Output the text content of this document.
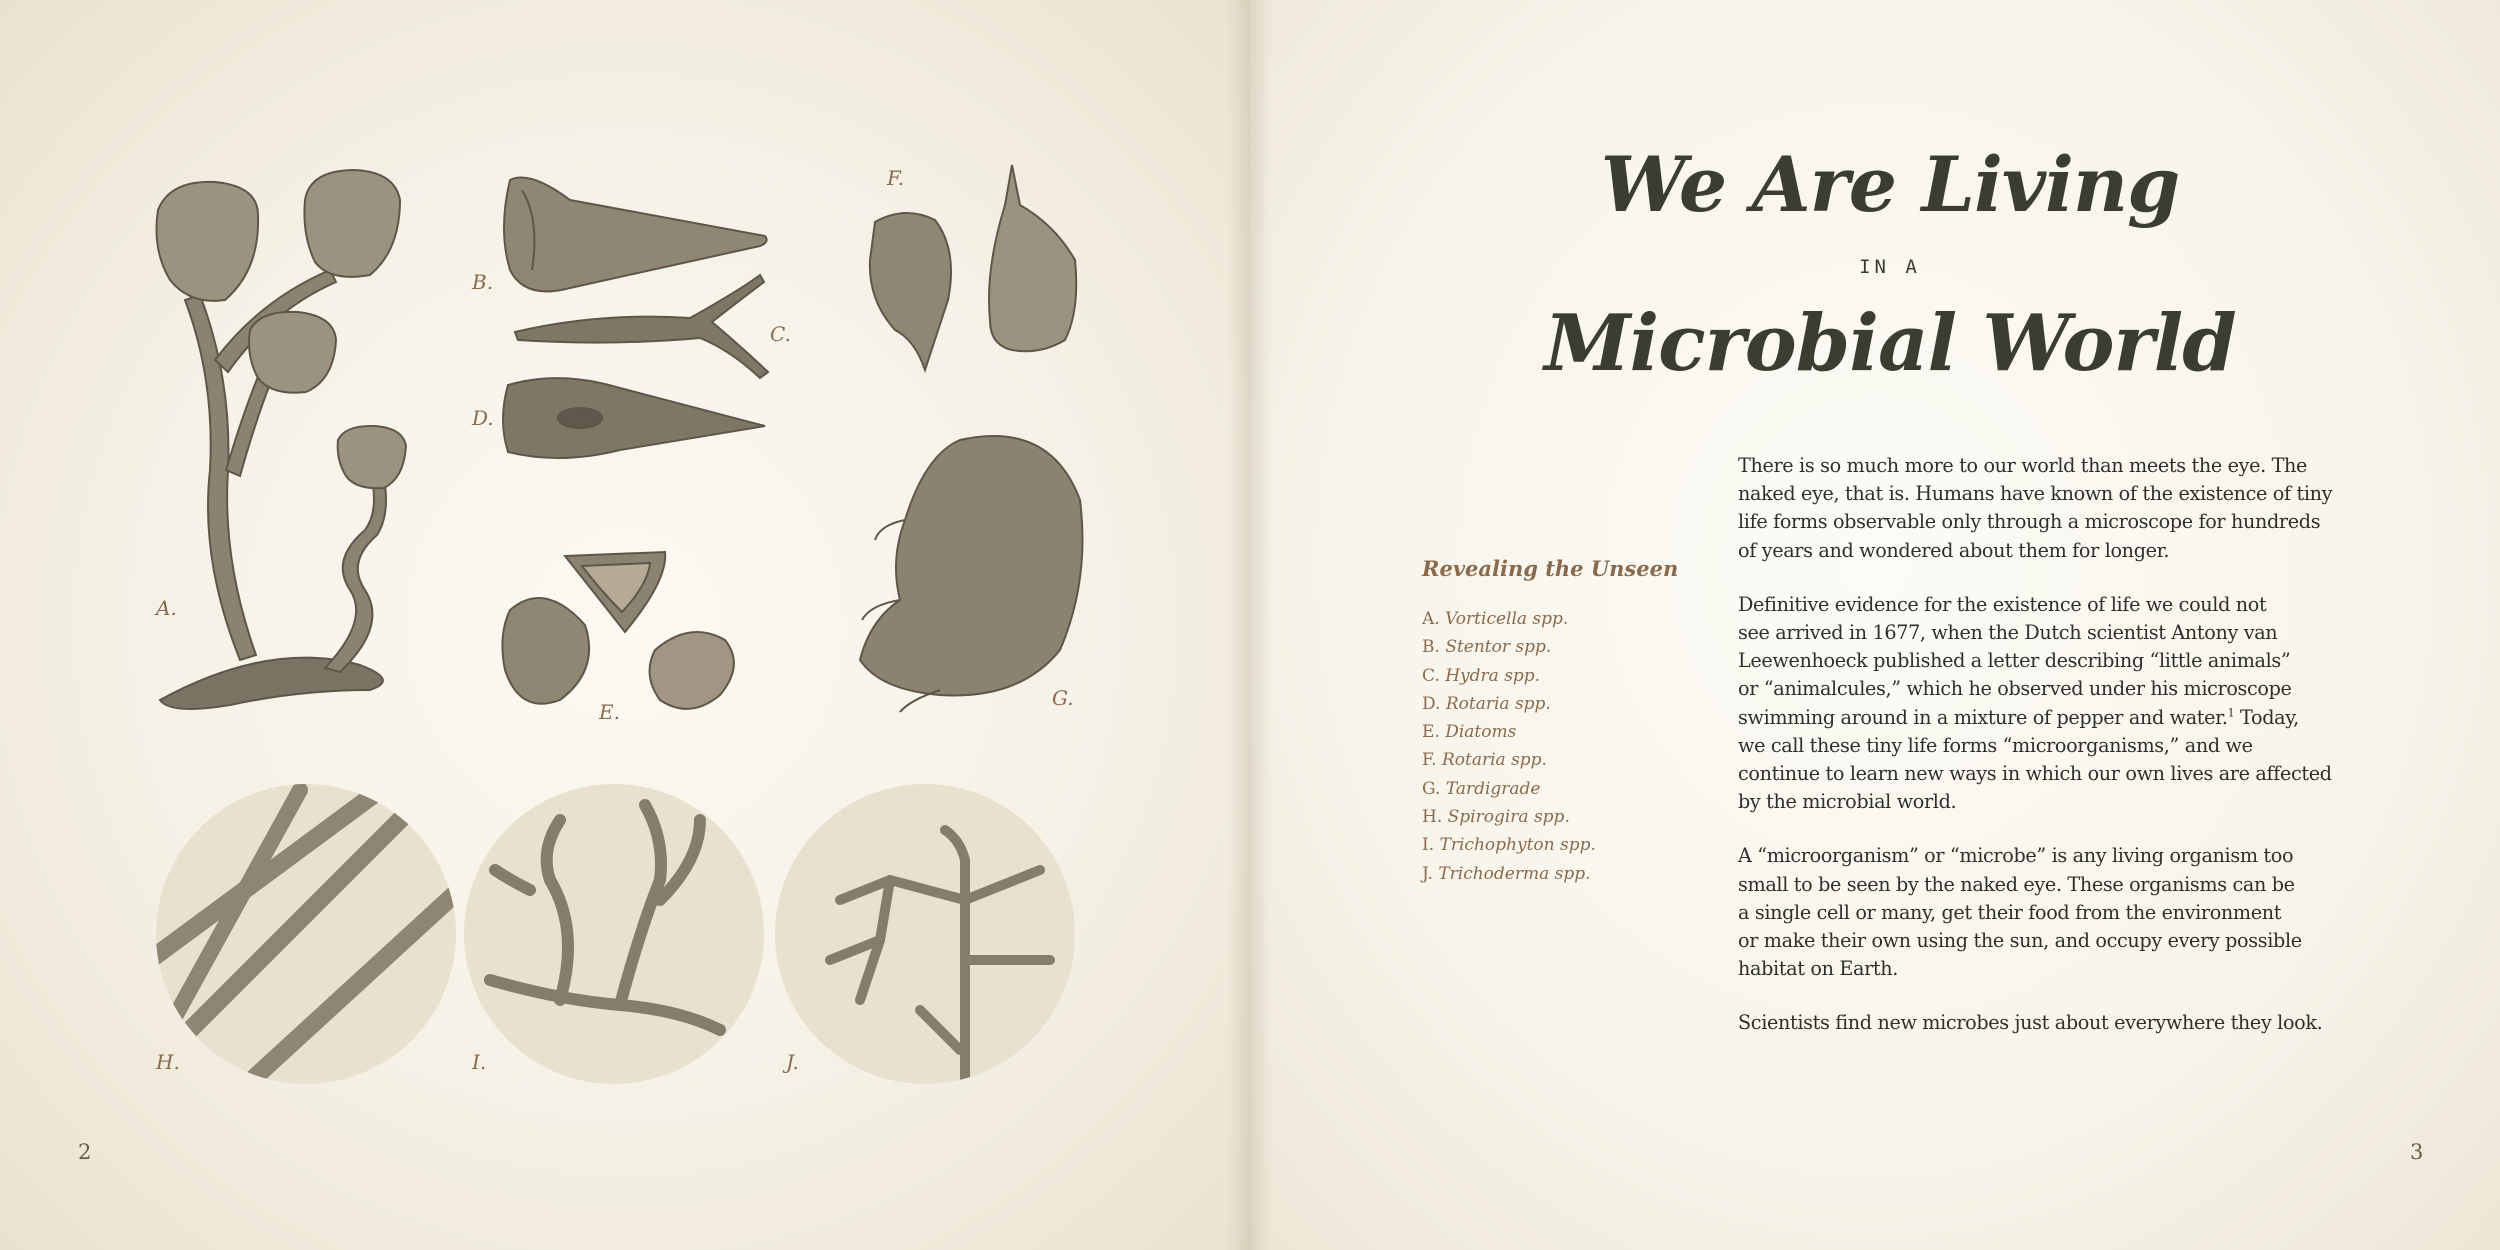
A.

B.

C.

D.

E.

F.

G.

H.	I.	J.

2	3

We Are Living

IN A

Microbial World
Revealing the Unseen
A. Vorticella spp.
B. Stentor spp.
C. Hydra spp.
D. Rotaria spp.
E. Diatoms
F. Rotaria spp.
G. Tardigrade
H. Spirogira spp.
I. Trichophyton spp.
J. Trichoderma spp.

There is so much more to our world than meets the eye. The
naked eye, that is. Humans have known of the existence of tiny
life forms observable only through a microscope for hundreds
of years and wondered about them for longer.

Definitive evidence for the existence of life we could not
see arrived in 1677, when the Dutch scientist Antony van
Leewenhoeck published a letter describing “little animals”
or “animalcules,” which he observed under his microscope
swimming around in a mixture of pepper and water.$^1$ Today,
we call these tiny life forms “microorganisms,” and we
continue to learn new ways in which our own lives are affected
by the microbial world.

A “microorganism” or “microbe” is any living organism too
small to be seen by the naked eye. These organisms can be
a single cell or many, get their food from the environment
or make their own using the sun, and occupy every possible
habitat on Earth.

Scientists find new microbes just about everywhere they look.
